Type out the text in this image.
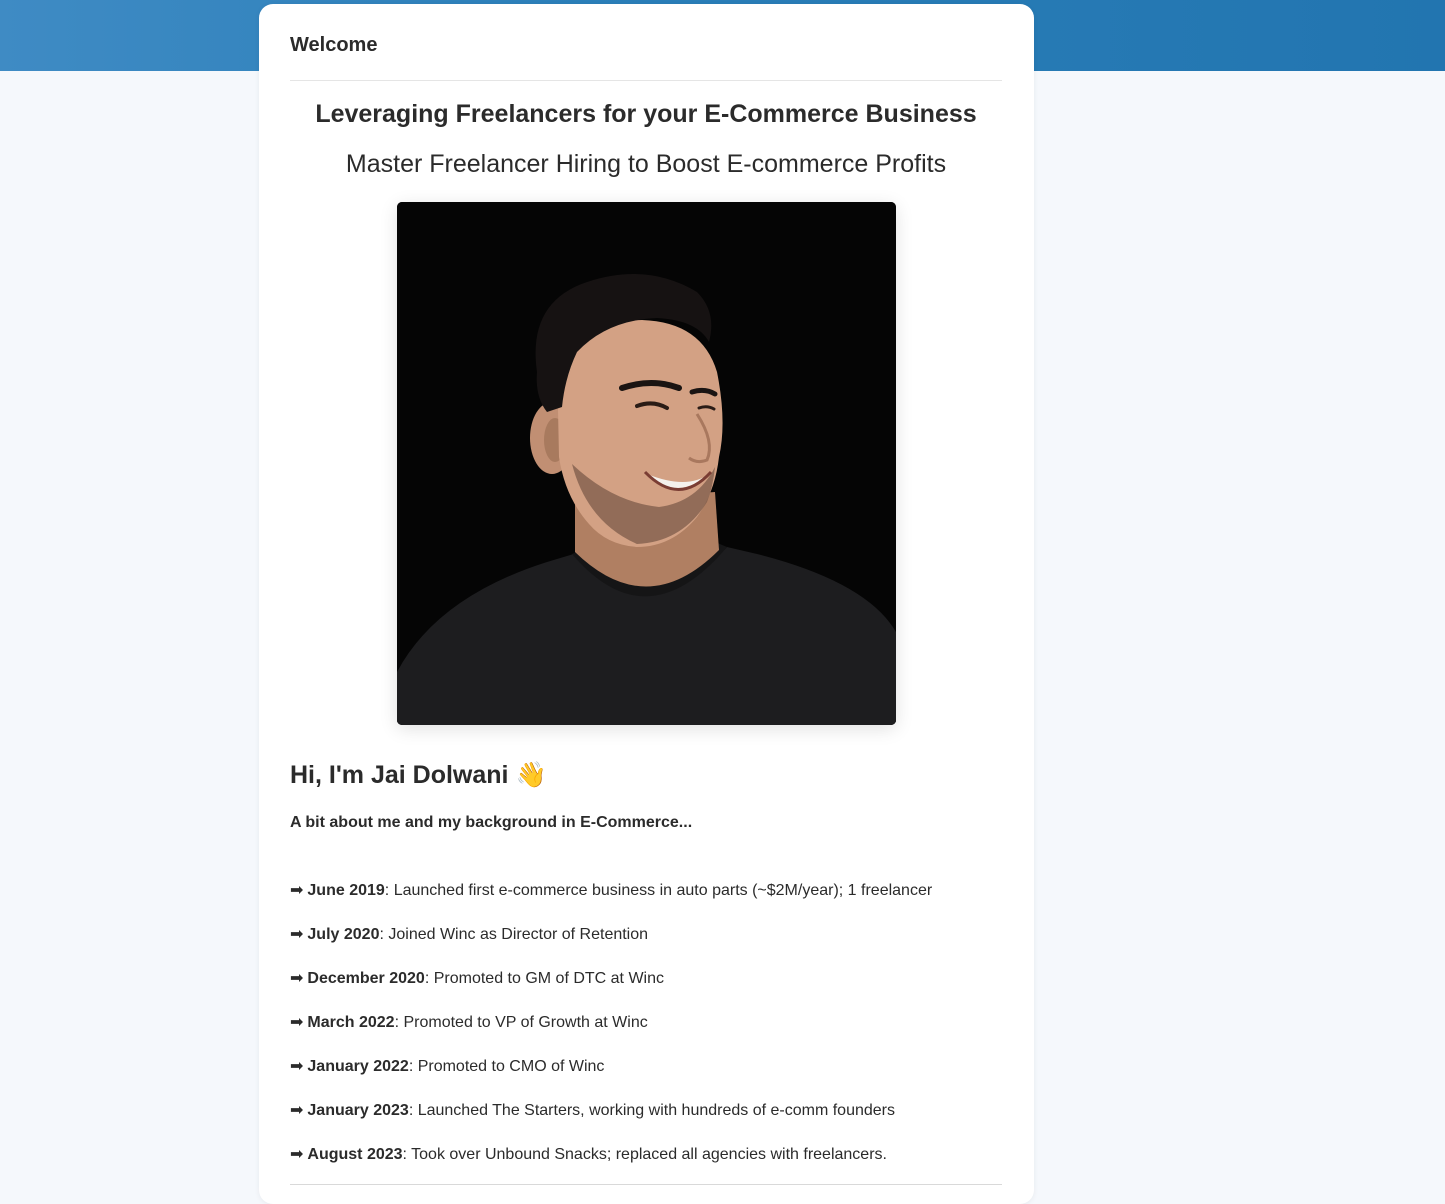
Welcome
Leveraging Freelancers for your E-Commerce Business
Master Freelancer Hiring to Boost E-commerce Profits
Hi, I'm Jai Dolwani 👋
A bit about me and my background in E-Commerce...
➡ June 2019: Launched first e-commerce business in auto parts (~$2M/year); 1 freelancer
➡ July 2020: Joined Winc as Director of Retention
➡ December 2020: Promoted to GM of DTC at Winc
➡ March 2022: Promoted to VP of Growth at Winc
➡ January 2022: Promoted to CMO of Winc
➡ January 2023: Launched The Starters, working with hundreds of e-comm founders
➡ August 2023: Took over Unbound Snacks; replaced all agencies with freelancers.
